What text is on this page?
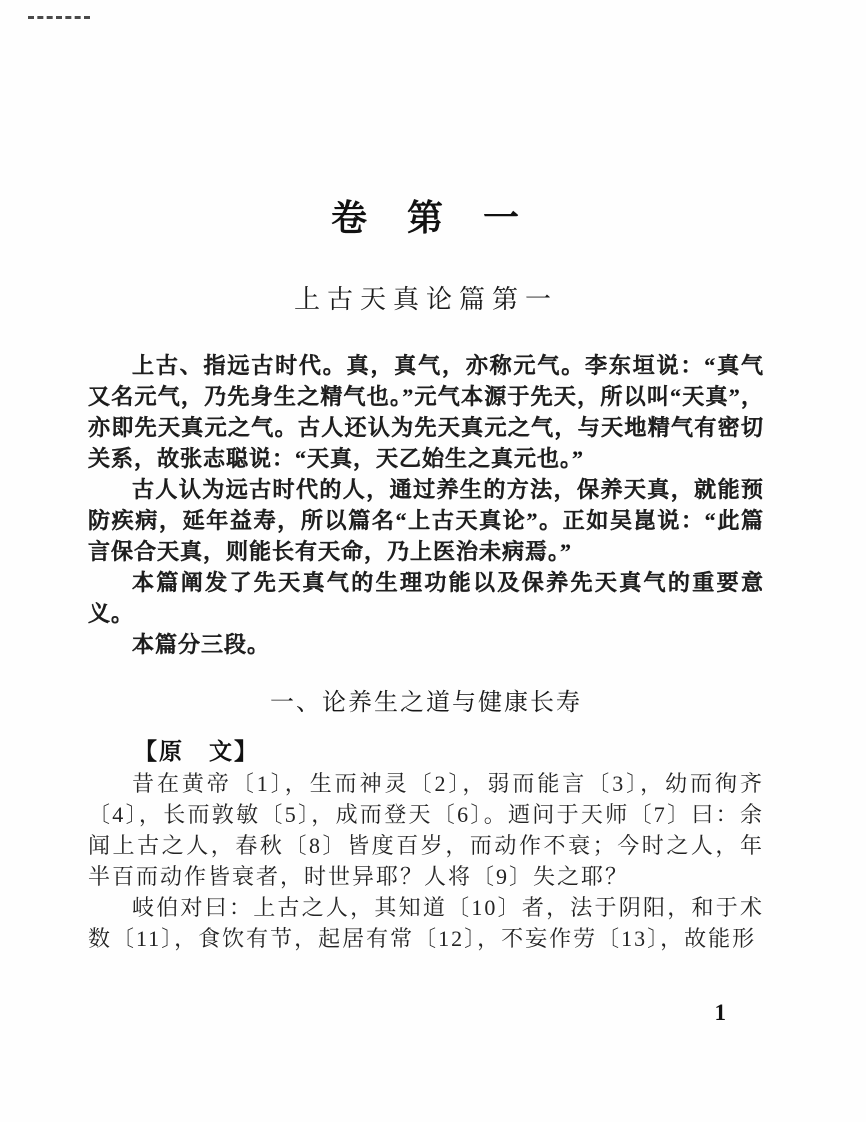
卷　第　一
上古天真论篇第一

上古、指远古时代。真，真气，亦称元气。李东垣说：“真气又名元气，乃先身生之精气也。”元气本源于先天，所以叫“天真”，亦即先天真元之气。古人还认为先天真元之气，与天地精气有密切关系，故张志聪说：“天真，天乙始生之真元也。”

古人认为远古时代的人，通过养生的方法，保养天真，就能预防疾病，延年益寿，所以篇名“上古天真论”。正如吴崑说：“此篇言保合天真，则能长有天命，乃上医治未病焉。”

本篇阐发了先天真气的生理功能以及保养先天真气的重要意义。

本篇分三段。

一、论养生之道与健康长寿

【原　文】

昔在黄帝〔1〕，生而神灵〔2〕，弱而能言〔3〕，幼而徇齐〔4〕，长而敦敏〔5〕，成而登天〔6〕。迺问于天师〔7〕曰：余闻上古之人，春秋〔8〕皆度百岁，而动作不衰；今时之人，年半百而动作皆衰者，时世异耶？人将〔9〕失之耶？

岐伯对曰：上古之人，其知道〔10〕者，法于阴阳，和于术数〔11〕，食饮有节，起居有常〔12〕，不妄作劳〔13〕，故能形

1
